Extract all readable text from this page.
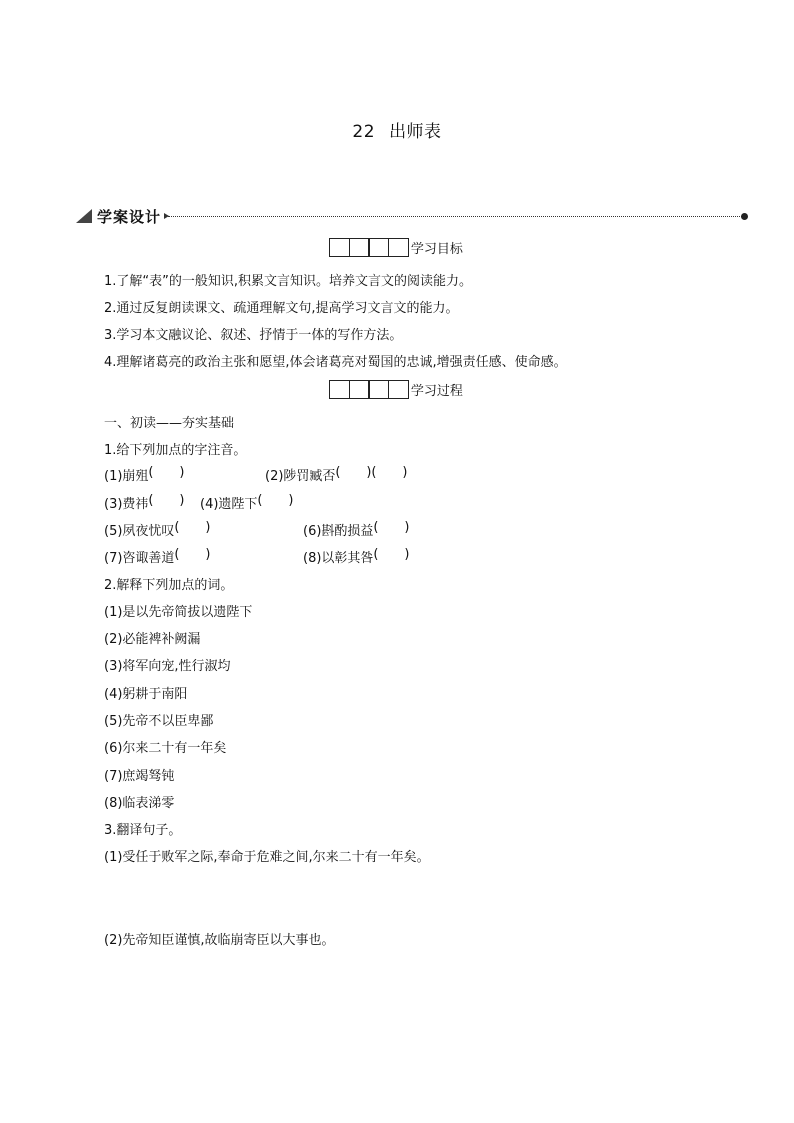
22 出师表
学案设计
学习目标
1.了解“表”的一般知识,积累文言知识。培养文言文的阅读能力。
2.通过反复朗读课文、疏通理解文句,提高学习文言文的能力。
3.学习本文融议论、叙述、抒情于一体的写作方法。
4.理解诸葛亮的政治主张和愿望,体会诸葛亮对蜀国的忠诚,增强责任感、使命感。
学习过程
一、初读——夯实基础
1.给下列加点的字注音。
(1)崩殂 ( )	(2)陟罚臧否( )( )
(3)费祎 ( )	(4)遗陛下( )
(5)夙夜忧叹 ( )	(6)斟酌损益( )
(7)咨诹善道 ( )	(8)以彰其咎( )
2.解释下列加点的词。
(1)是以先帝简拔以遗陛下
(2)必能裨补阙漏
(3)将军向宠,性行淑均
(4)躬耕于南阳
(5)先帝不以臣卑鄙
(6)尔来二十有一年矣
(7)庶竭驽钝
(8)临表涕零
3.翻译句子。
(1)受任于败军之际,奉命于危难之间,尔来二十有一年矣。
(2)先帝知臣谨慎,故临崩寄臣以大事也。
